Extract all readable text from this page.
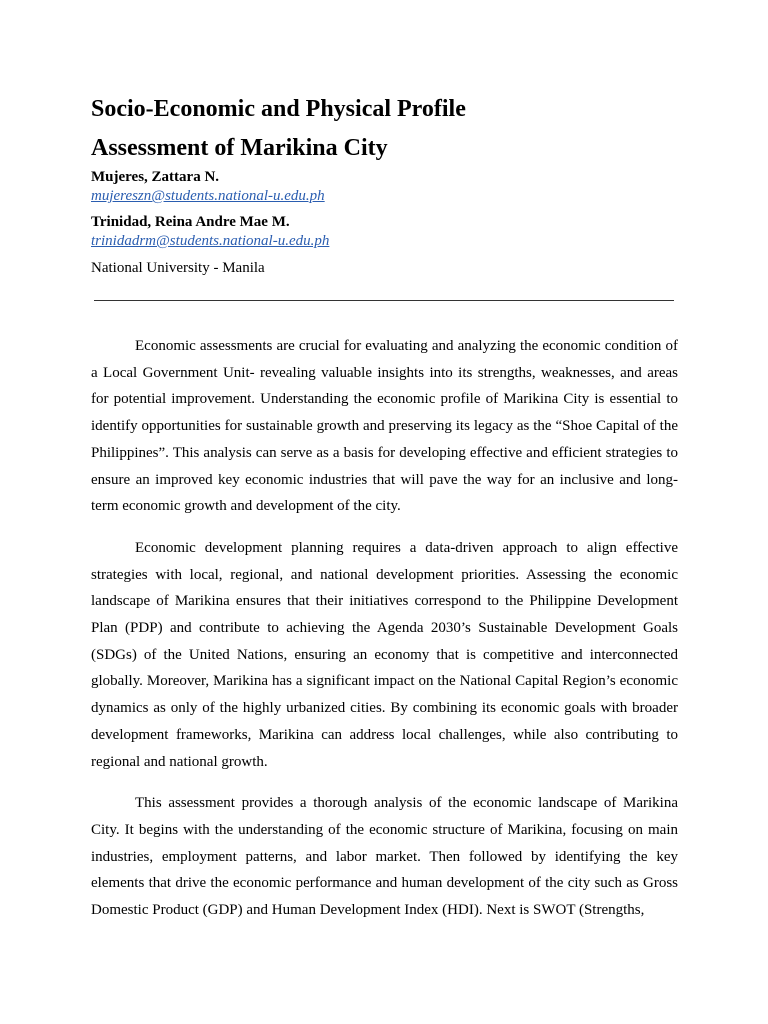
Socio-Economic and Physical Profile
Assessment of Marikina City
Mujeres, Zattara N.
mujereszn@students.national-u.edu.ph
Trinidad, Reina Andre Mae M.
trinidadrm@students.national-u.edu.ph
National University - Manila

Economic assessments are crucial for evaluating and analyzing the economic condition of a Local Government Unit- revealing valuable insights into its strengths, weaknesses, and areas for potential improvement. Understanding the economic profile of Marikina City is essential to identify opportunities for sustainable growth and preserving its legacy as the “Shoe Capital of the Philippines”. This analysis can serve as a basis for developing effective and efficient strategies to ensure an improved key economic industries that will pave the way for an inclusive and long-term economic growth and development of the city.

Economic development planning requires a data-driven approach to align effective strategies with local, regional, and national development priorities. Assessing the economic landscape of Marikina ensures that their initiatives correspond to the Philippine Development Plan (PDP) and contribute to achieving the Agenda 2030’s Sustainable Development Goals (SDGs) of the United Nations, ensuring an economy that is competitive and interconnected globally. Moreover, Marikina has a significant impact on the National Capital Region’s economic dynamics as only of the highly urbanized cities. By combining its economic goals with broader development frameworks, Marikina can address local challenges, while also contributing to regional and national growth.

This assessment provides a thorough analysis of the economic landscape of Marikina City. It begins with the understanding of the economic structure of Marikina, focusing on main industries, employment patterns, and labor market. Then followed by identifying the key elements that drive the economic performance and human development of the city such as Gross Domestic Product (GDP) and Human Development Index (HDI). Next is SWOT (Strengths,
